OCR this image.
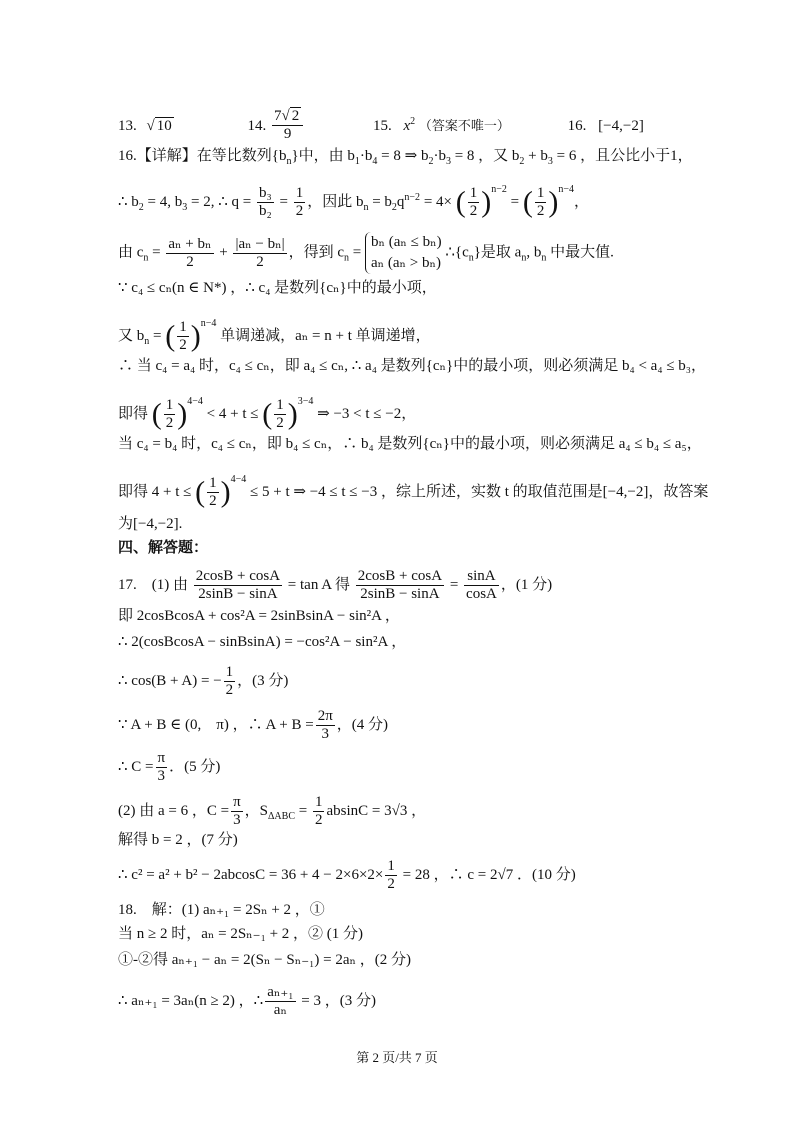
13. √ 10	14. $\frac{7√ 2}{9}$	15. $x^2$ （答案不唯一）	16. [−4,−2]
16.【详解】在等比数列$\{b_n\}$中，由 $b_1\cdot b_4 = 8$ ⇒ $b_2\cdot b_3 = 8$ ，又 $b_2 + b_3 = 6$ ，且公比小于1，
∴ $b_2 = 4$, $b_3 = 2$, ∴ $q = \frac{\text{b₃}}{\text{b₂}} = \frac{1}{2}$ ，因此 $b_n = b_2q^{n-2} = 4\times$ ( $\frac{1}{2} )^{n-2}$ = ( $\frac{1}{2} )^{n-4}$，
由 $c_n = \frac{\text{aₙ + bₙ}}{2} + \frac{\text{|aₙ − bₙ|}}{2}$ ，得到 $c_n$ =
bₙ (aₙ ≤ bₙ)
aₙ (aₙ > bₙ)
$\therefore\{c_n\}$是取 $a_n$, $b_n$ 中最大值.
∵ c₄ ≤ cₙ(n ∈ N*) ，∴ c₄ 是数列{cₙ}中的最小项，
又 $b_n$ = ( $\frac{1}{2} )^{n-4}$ 单调递减，aₙ = n + t 单调递增，
∴ 当 c₄ = a₄ 时，c₄ ≤ cₙ，即 a₄ ≤ cₙ, ∴ a₄ 是数列{cₙ}中的最小项，则必须满足 b₄ < a₄ ≤ b₃，
即得 ( $\frac{1}{2} )^{4-4} < 4 + t$ ≤ ( $\frac{1}{2} )^{3-4}$ ⇒ −3 < t ≤ −2，
当 c₄ = b₄ 时，c₄ ≤ cₙ，即 b₄ ≤ cₙ，∴ b₄ 是数列{cₙ}中的最小项，则必须满足 a₄ ≤ b₄ ≤ a₅，
即得 4 + t ≤ ( $\frac{1}{2} )^{4-4} \le 5 + t$ ⇒ −4 ≤ t ≤ −3 ，综上所述，实数 t 的取值范围是[−4,−2]，故答案
为[−4,−2].
四、解答题：
17.　(1) 由 $\frac{2\cos B + \cos A}{2\sin B - \sin A} = \tan A$ 得 $\frac{2\cos B + \cos A}{2\sin B - \sin A} = \frac{\sin A}{\cos A}$ ，(1 分)
即 2cosBcosA + cos²A = 2sinBsinA − sin²A ，
∴ 2(cosBcosA − sinBsinA) = −cos²A − sin²A ，
∴ cos(B + A) = − $\frac{1}{2}$ ，(3 分)
∵ A + B ∈ (0,　π) ，∴ $A + B = \frac{2\pi}{3}$ ，(4 分)
∴ $C = \frac{\pi}{3}$ ．(5 分)
(2) 由 a = 6 ，$C = \frac{\pi}{3}$ ，$S_{\Delta ABC} = \frac{1}{2}$ absinC = 3√3 ，
解得 b = 2 ，(7 分)
∴ $c^2 = a^2 + b^2 - 2abcosC = 36 + 4 - 2\times 6\times 2\times \frac{1}{2} = 28$ ，∴ c = 2√7 ．(10 分)
18.　解：(1) aₙ₊₁ = 2Sₙ + 2 ，①
当 n ≥ 2 时，aₙ = 2Sₙ₋₁ + 2 ，② (1 分)
①-②得 aₙ₊₁ − aₙ = 2(Sₙ − Sₙ₋₁) = 2aₙ ，(2 分)
∴ aₙ₊₁ = 3aₙ(n ≥ 2) ，∴ $\frac{\text{aₙ₊₁}}{\text{aₙ}} = 3$ ，(3 分)
第 2 页/共 7 页
